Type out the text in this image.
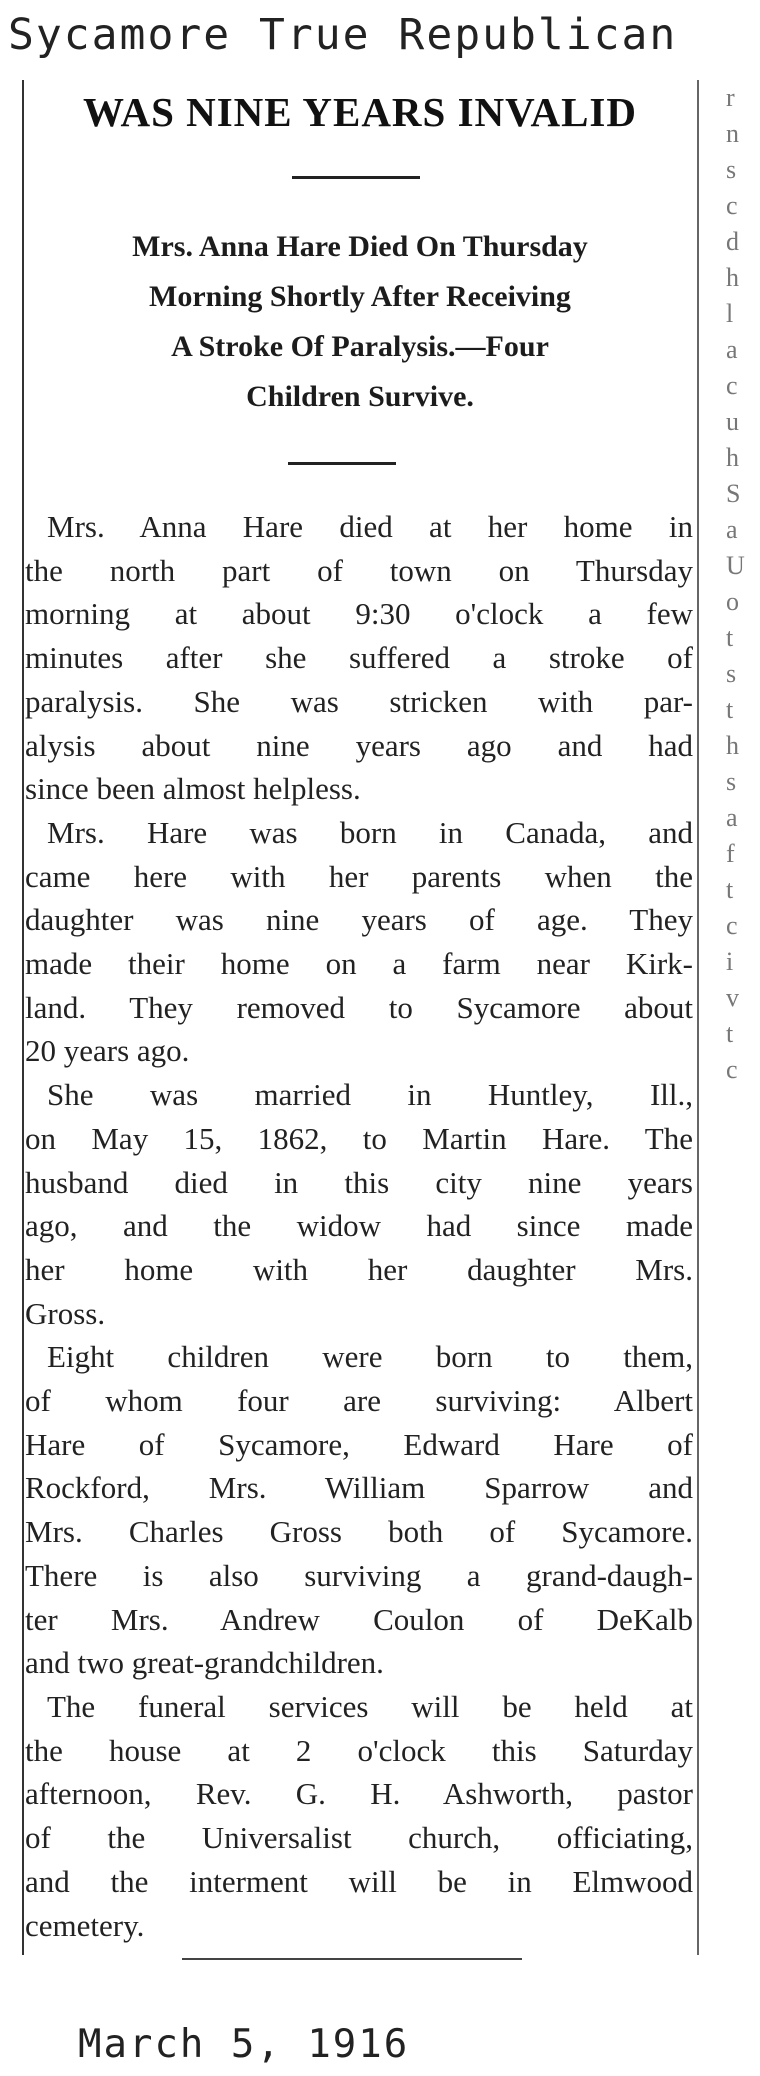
Sycamore True Republican
r
n
s
c
d
h
l
a
c
u
h
S
a
U
o
t
s
t
h
s
a
f
t
c
i
v
t
c
WAS NINE YEARS INVALID
Mrs. Anna Hare Died On Thursday
Morning Shortly After Receiving
A Stroke Of Paralysis.—Four
Children Survive.
Mrs. Anna Hare died at her home in
the north part of town on Thursday
morning at about 9:30 o'clock a few
minutes after she suffered a stroke of
paralysis. She was stricken with par-
alysis about nine years ago and had
since been almost helpless.
Mrs. Hare was born in Canada, and
came here with her parents when the
daughter was nine years of age. They
made their home on a farm near Kirk-
land. They removed to Sycamore about
20 years ago.
She was married in Huntley, Ill.,
on May 15, 1862, to Martin Hare. The
husband died in this city nine years
ago, and the widow had since made
her home with her daughter Mrs.
Gross.
Eight children were born to them,
of whom four are surviving: Albert
Hare of Sycamore, Edward Hare of
Rockford, Mrs. William Sparrow and
Mrs. Charles Gross both of Sycamore.
There is also surviving a grand-daugh-
ter Mrs. Andrew Coulon of DeKalb
and two great-grandchildren.
The funeral services will be held at
the house at 2 o'clock this Saturday
afternoon, Rev. G. H. Ashworth, pastor
of the Universalist church, officiating,
and the interment will be in Elmwood
cemetery.
March 5, 1916
